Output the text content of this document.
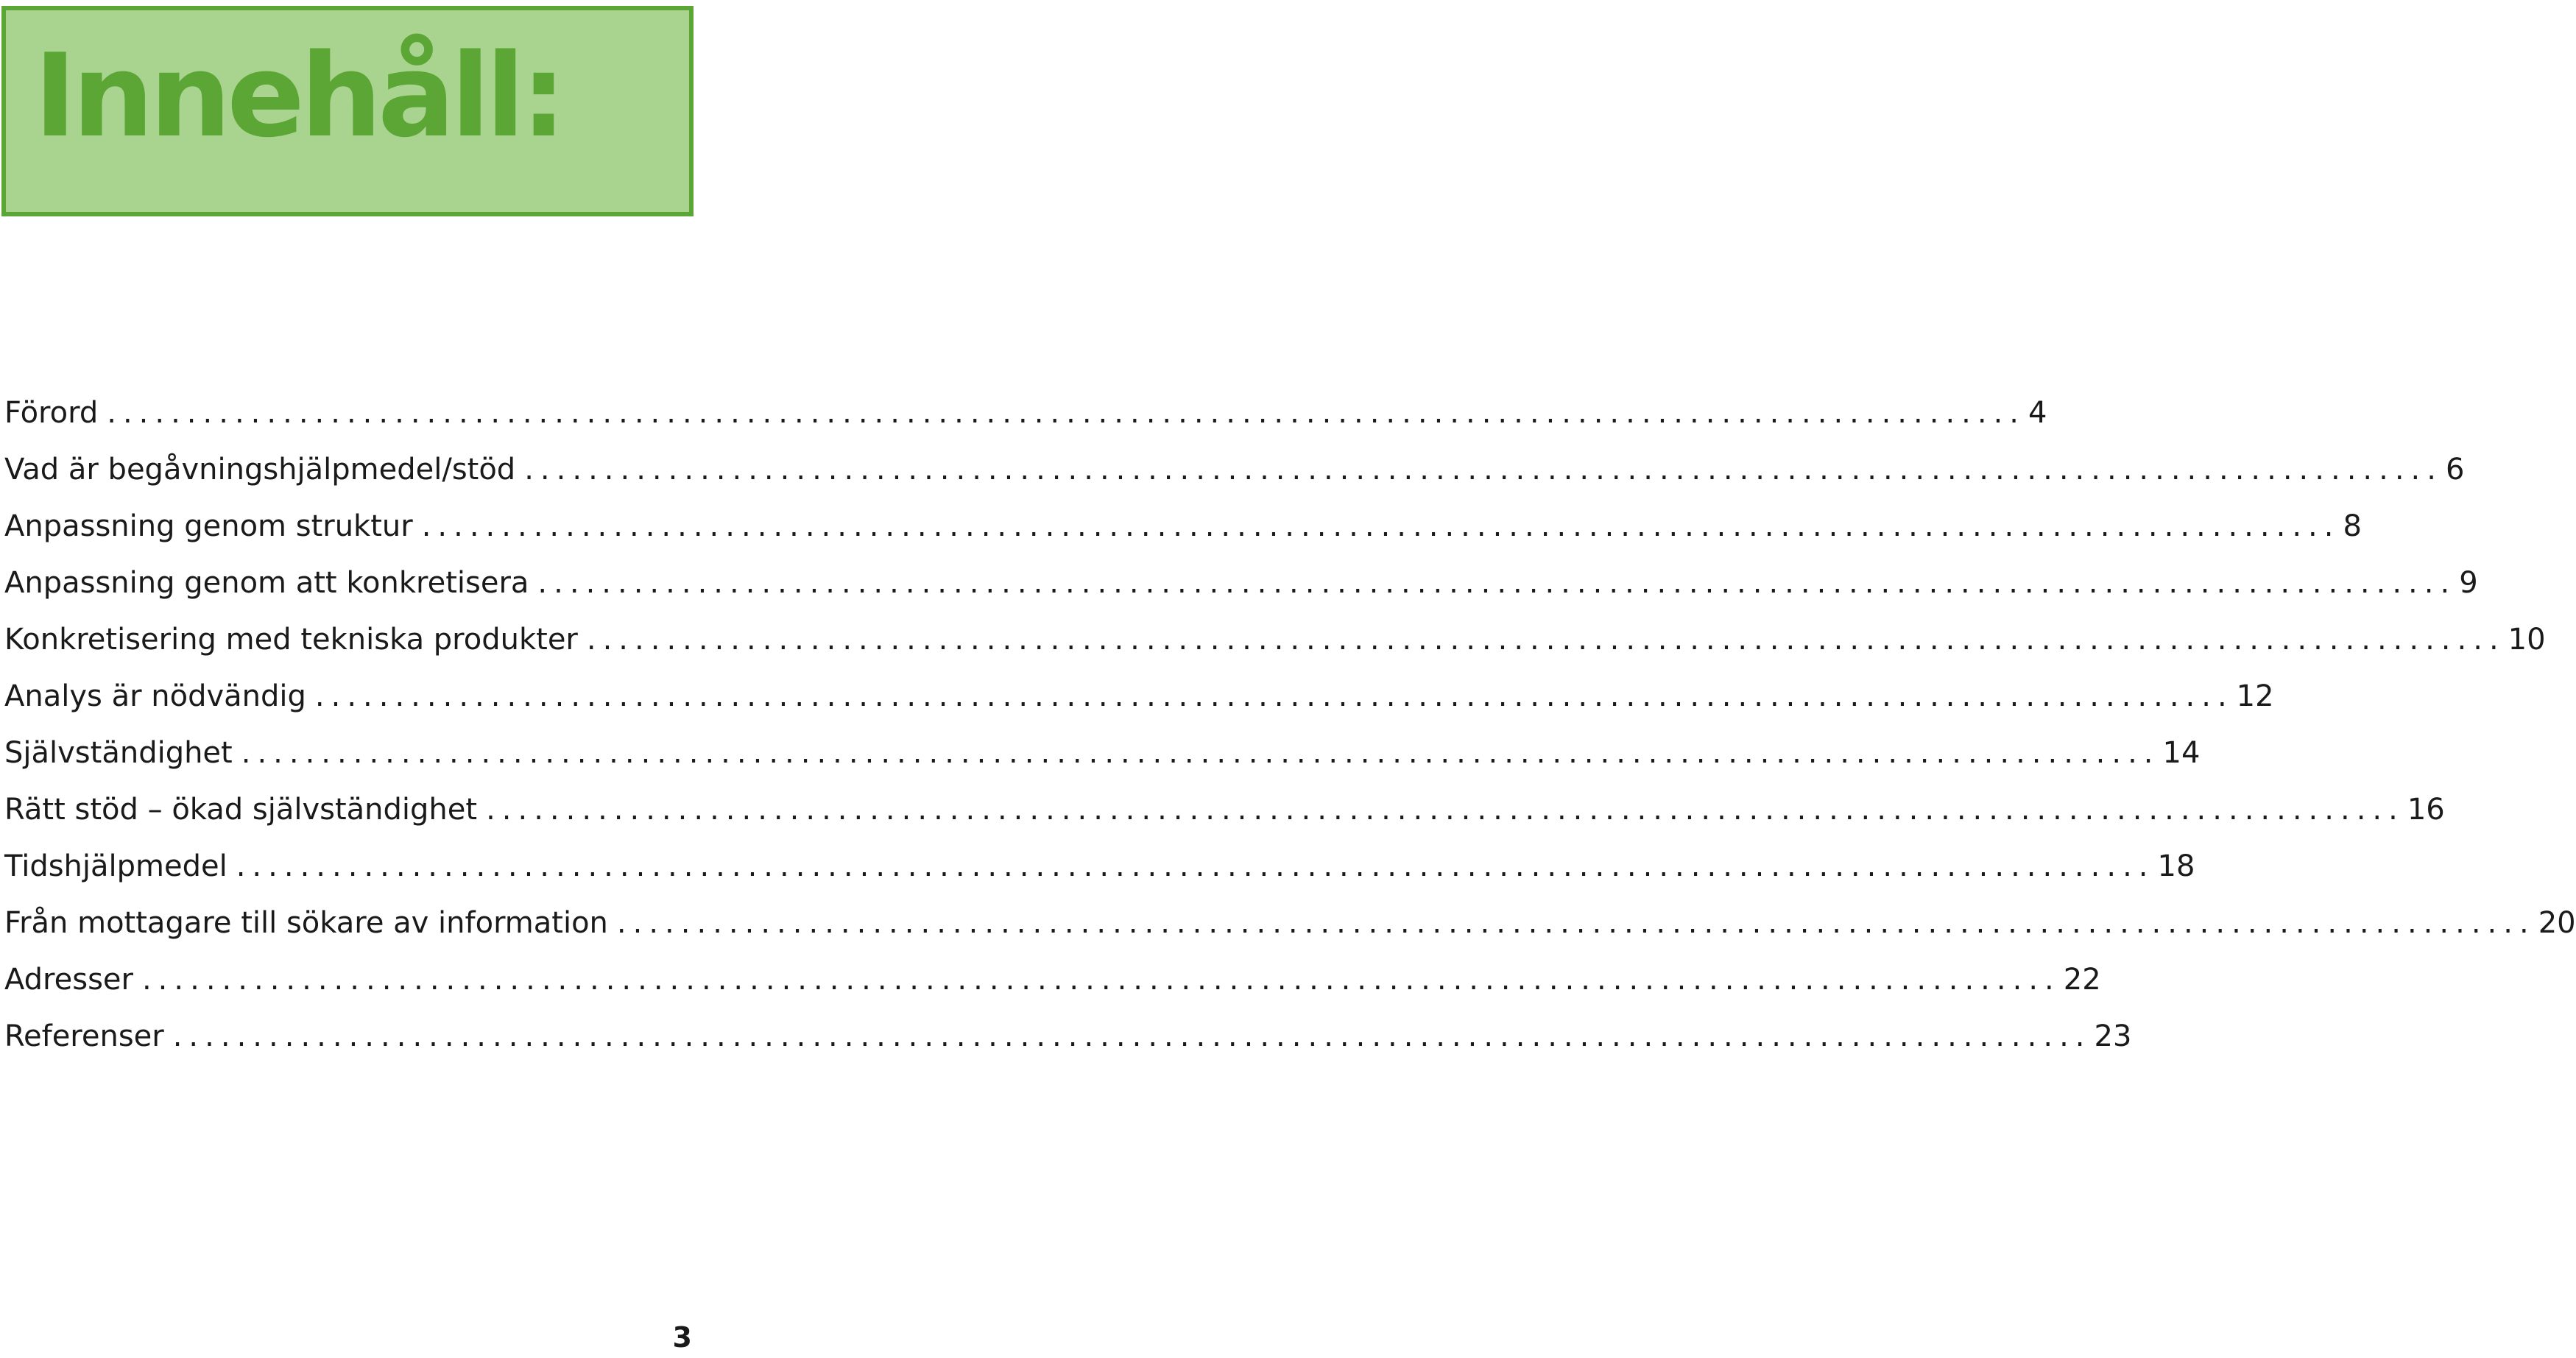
Innehåll:
Förord ........................................................................................................................ 4
Vad är begåvningshjälpmedel/stöd ........................................................................................................................ 6
Anpassning genom struktur ........................................................................................................................ 8
Anpassning genom att konkretisera ........................................................................................................................ 9
Konkretisering med tekniska produkter ........................................................................................................................ 10
Analys är nödvändig ........................................................................................................................ 12
Självständighet ........................................................................................................................ 14
Rätt stöd – ökad självständighet ........................................................................................................................ 16
Tidshjälpmedel ........................................................................................................................ 18
Från mottagare till sökare av information ........................................................................................................................ 20
Adresser ........................................................................................................................ 22
Referenser ........................................................................................................................ 23
3
